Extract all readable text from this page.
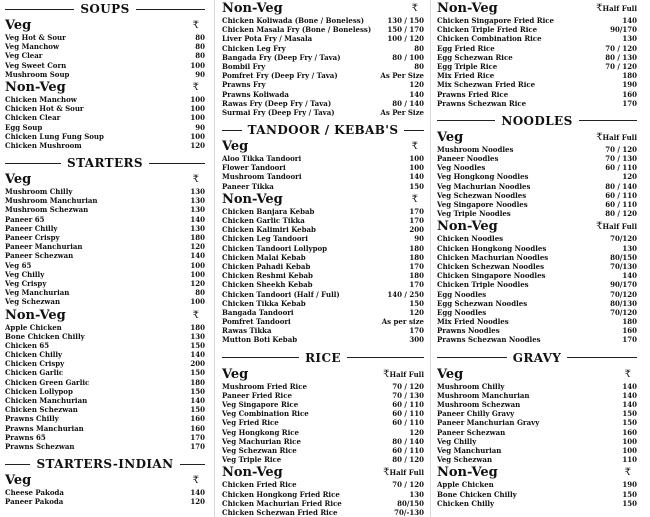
SOUPS
Veg	₹
Veg Hot & Sour	80
Veg Manchow	80
Veg Clear	80
Veg Sweet Corn	100
Mushroom Soup	90
Non-Veg	₹
Chicken Manchow	100
Chicken Hot & Sour	100
Chicken Clear	100
Egg Soup	90
Chicken Lung Fung Soup	100
Chicken Mushroom	120
STARTERS
Veg	₹
Mushroom Chilly	130
Mushroom Manchurian	130
Mushroom Schezwan	130
Paneer 65	140
Paneer Chilly	130
Paneer Crispy	180
Paneer Manchurian	120
Paneer Schezwan	140
Veg 65	100
Veg Chilly	100
Veg Crispy	120
Veg Manchurian	80
Veg Schezwan	100
Non-Veg	₹
Apple Chicken	180
Bone Chicken Chilly	130
Chicken 65	150
Chicken Chilly	140
Chicken Crispy	200
Chicken Garlic	150
Chicken Green Garlic	180
Chicken Lollypop	150
Chicken Manchurian	140
Chicken Schezwan	150
Prawns Chilly	160
Prawns Manchurian	160
Prawns 65	170
Prawns Schezwan	170
STARTERS-INDIAN
Veg	₹
Cheese Pakoda	140
Paneer Pakoda	120
Non-Veg	₹
Chicken Koliwada (Bone / Boneless)	130 / 150
Chicken Masala Fry (Bone / Boneless) 150 / 170
Liver Pota Fry / Masala	100 / 120
Chicken Leg Fry	80
Bangada Fry (Deep Fry / Tava)	80 / 100
Bombil Fry	80
Pomfret Fry (Deep Fry / Tava)	As Per Size
Prawns Fry	120
Prawns Koliwada	140
Rawas Fry (Deep Fry / Tava)	80 / 140
Surmai Fry (Deep Fry / Tava)	As Per Size
TANDOOR / KEBAB'S
Veg	₹
Aloo Tikka Tandoori	100
Flower Tandoori	100
Mushroom Tandoori	140
Paneer Tikka	150
Non-Veg	₹
Chicken Banjara Kebab	170
Chicken Garlic Tikka	170
Chicken Kalimiri Kebab	200
Chicken Leg Tandoori	90
Chicken Tandoori Lollypop	180
Chicken Malai Kebab	180
Chicken Pahadi Kebab	170
Chicken Reshmi Kebab	180
Chicken Sheekh Kebab	170
Chicken Tandoori (Half / Full)	140 / 250
Chicken Tikka Kebab	150
Bangada Tandoori	120
Pomfret Tandoori	As per size
Rawas Tikka	170
Mutton Boti Kebab	300
RICE
Veg	₹Half Full
Mushroom Fried Rice	70 / 120
Paneer Fried Rice	70 / 130
Veg Singapore Rice	60 / 110
Veg Combination Rice	60 / 110
Veg Fried Rice	60 / 110
Veg Hongkong Rice	120
Veg Machurian Rice	80 / 140
Veg Schezwan Rice	60 / 110
Veg Triple Rice	80 / 120
Non-Veg	₹Half Full
Chicken Fried Rice	70 / 120
Chicken Hongkong Fried Rice	130
Chicken Machurian Fried Rice	80/150
Chicken Schezwan Fried Rice	70/-130
Non-Veg	₹Half Full
Chicken Singapore Fried Rice	140
Chicken Triple Fried Rice	90/170
Chicken Combination Rice	130
Egg Fried Rice	70 / 120
Egg Schezwan Rice	80 / 130
Egg Triple Rice	70 / 120
Mix Fried Rice	180
Mix Schezwan Fried Rice	190
Prawns Fried Rice	160
Prawns Schezwan Rice	170
NOODLES
Veg	₹Half Full
Mushroom Noodles	70 / 120
Paneer Noodles	70 / 130
Veg Noodles	60 / 110
Veg Hongkong Noodles	120
Veg Machurian Noodles	80 / 140
Veg Schezwan Noodles	60 / 110
Veg Singapore Noodles	60 / 110
Veg Triple Noodles	80 / 120
Non-Veg	₹Half Full
Chicken Noodles	70/120
Chicken Hongkong Noodles	130
Chicken Machurian Noodles	80/150
Chicken Schezwan Noodles	70/130
Chicken Singapore Noodles	140
Chicken Triple Noodles	90/170
Egg Noodles	70/120
Egg Schezwan Noodles	80/130
Egg Noodles	70/120
Mix Fried Noodles	180
Prawns Noodles	160
Prawns Schezwan Noodles	170
GRAVY
Veg	₹
Mushroom Chilly	140
Mushroom Manchurian	140
Mushroom Schezwan	140
Paneer Chilly Gravy	150
Paneer Manchurian Gravy	150
Paneer Schezwan	160
Veg Chilly	100
Veg Manchurian	100
Veg Schezwan	110
Non-Veg	₹
Apple Chicken	190
Bone Chicken Chilly	150
Chicken Chilly	150
